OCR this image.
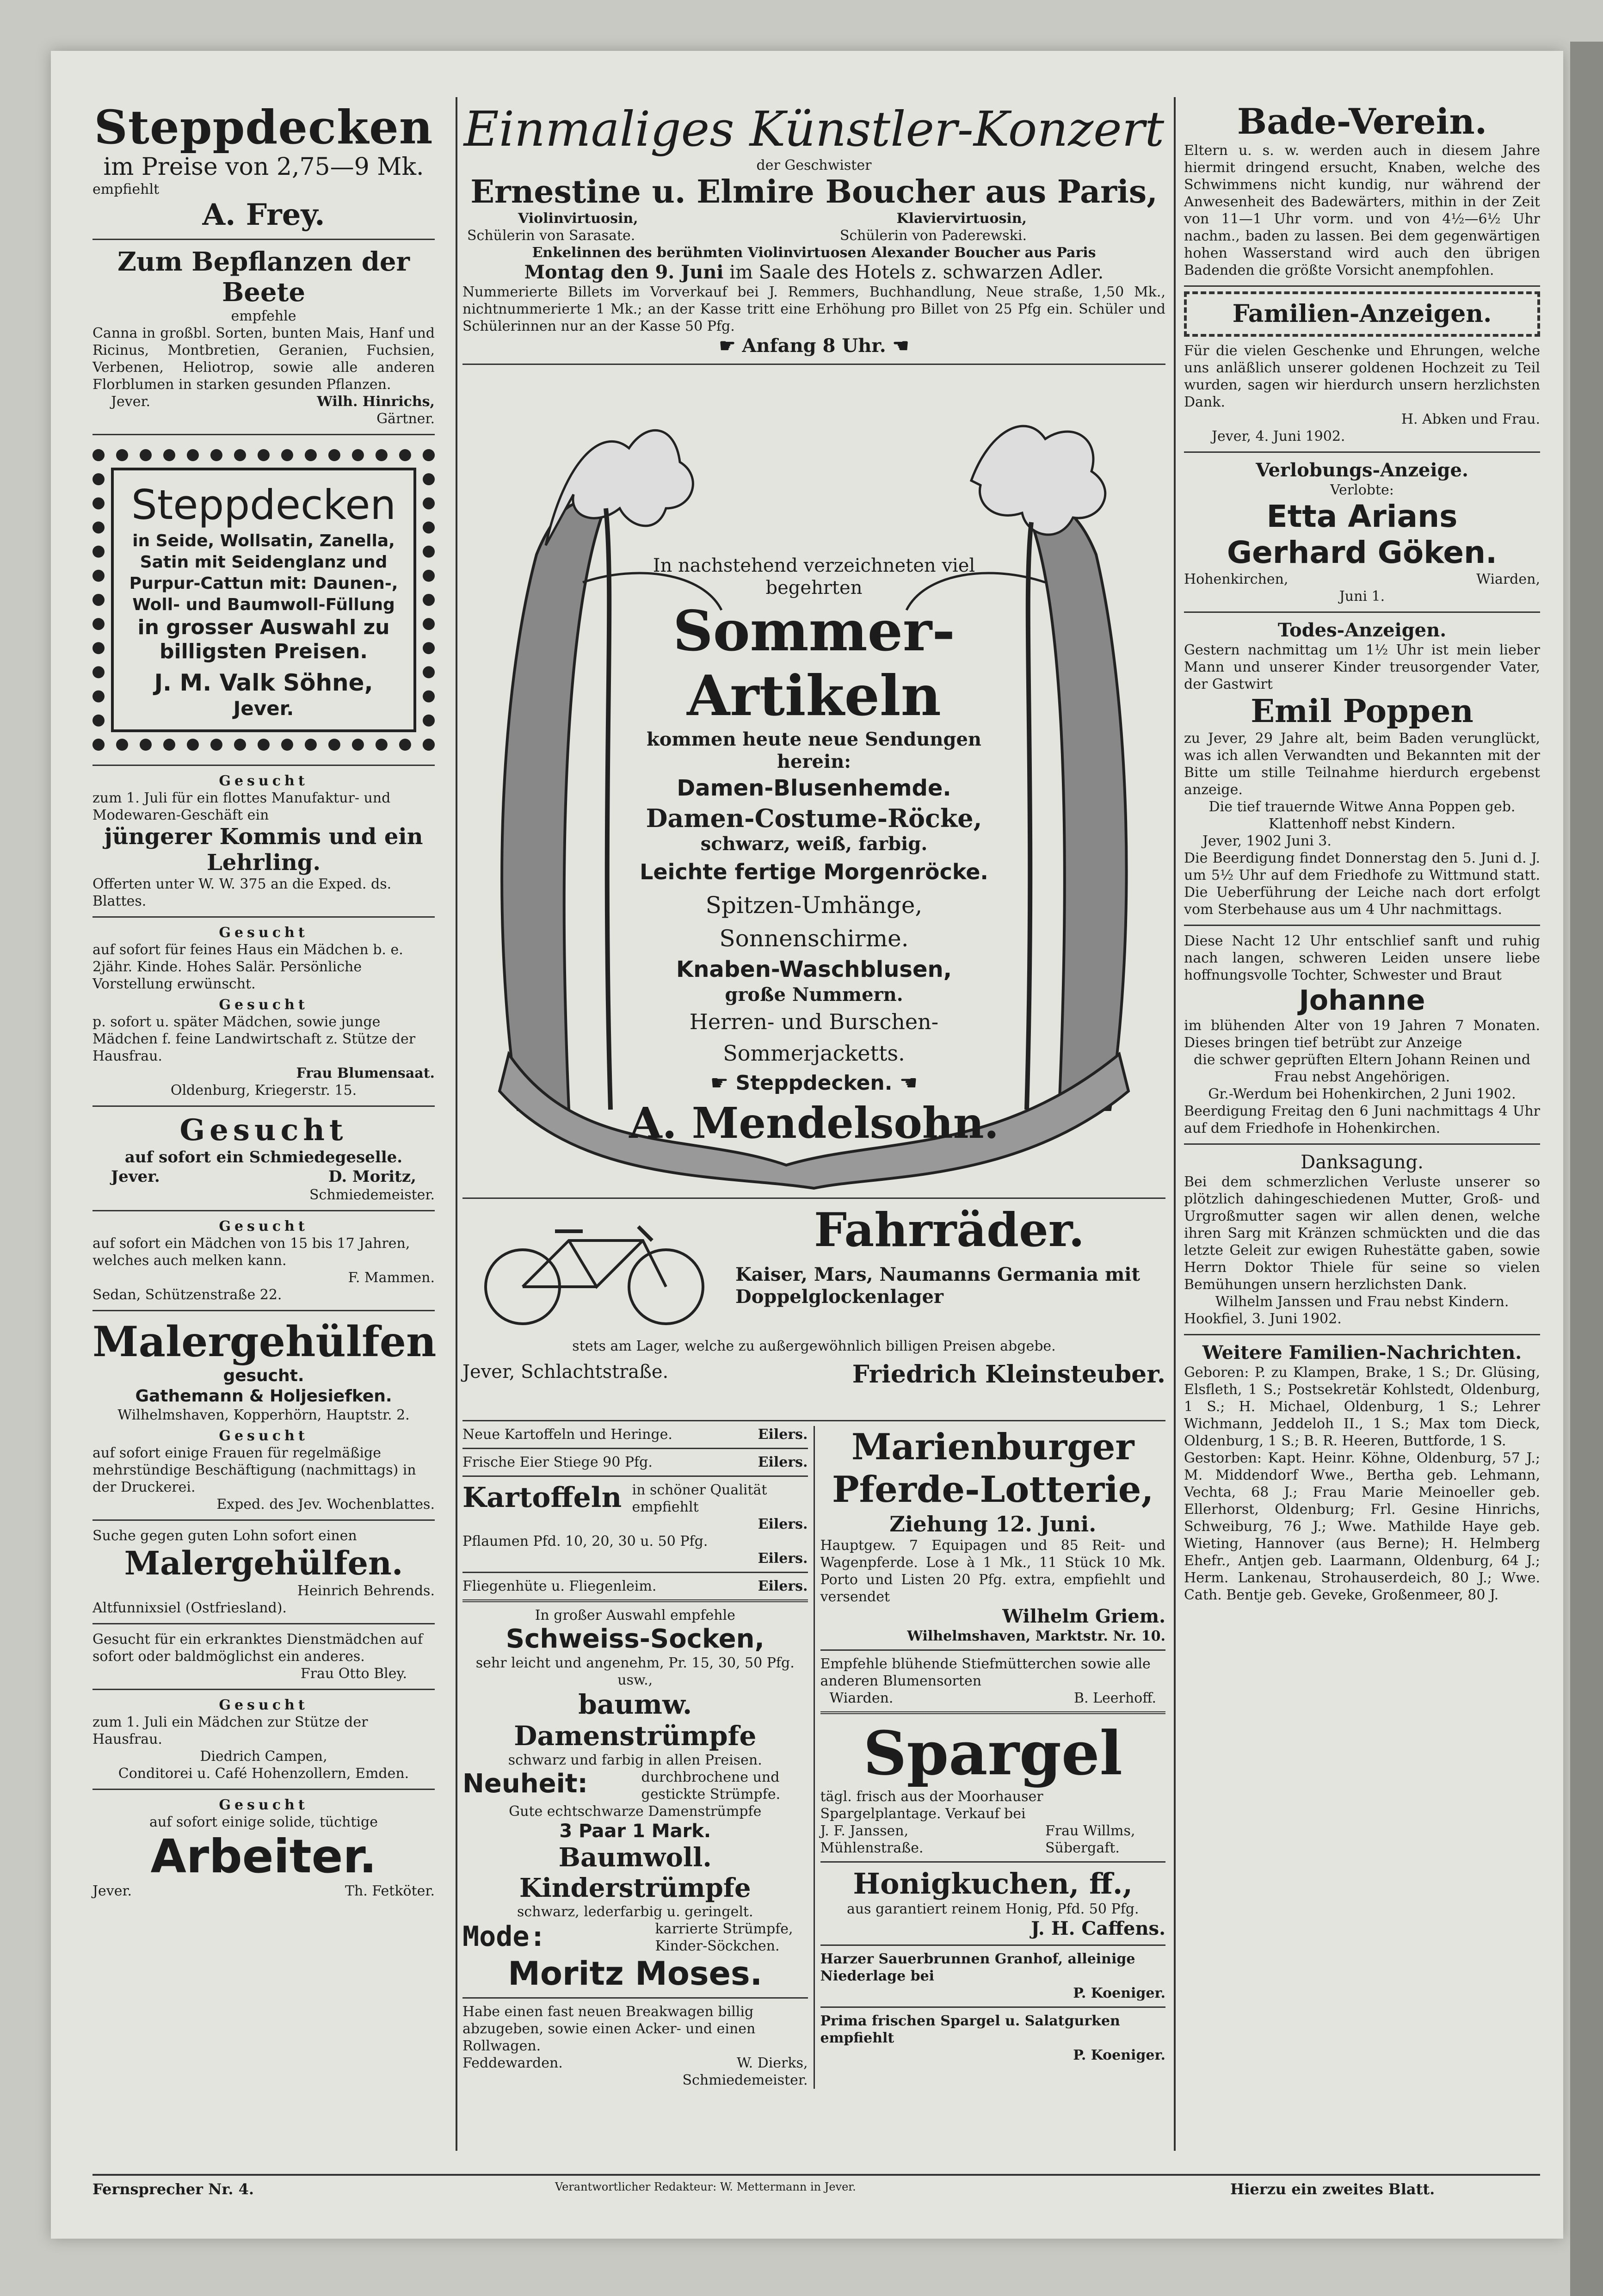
Steppdecken

im Preise von 2,75—9 Mk.

empfiehlt

A. Frey.

Zum Bepflanzen der Beete

empfehle

Canna in großbl. Sorten, bunten Mais, Hanf und Ricinus, Montbretien, Geranien, Fuchsien, Verbenen, Heliotrop, sowie alle anderen Florblumen in starken gesunden Pflanzen.

Jever.	Wilh. Hinrichs,

Gärtner.

Steppdecken

in Seide, Wollsatin, Zanella, Satin mit Seidenglanz und Purpur-Cattun mit: Daunen-, Woll- und Baumwoll-Füllung

in grosser Auswahl zu billigsten Preisen.

J. M. Valk Söhne,

Jever.

Gesucht

zum 1. Juli für ein flottes Manufaktur- und Modewaren-Geschäft ein

jüngerer Kommis und ein Lehrling.

Offerten unter W. W. 375 an die Exped. ds. Blattes.

Gesucht

auf sofort für feines Haus ein Mädchen b. e. 2jähr. Kinde. Hohes Salär. Persönliche Vorstellung erwünscht.

Gesucht

p. sofort u. später Mädchen, sowie junge Mädchen f. feine Landwirtschaft z. Stütze der Hausfrau.

Frau Blumensaat.

Oldenburg, Kriegerstr. 15.

Gesucht

auf sofort ein Schmiedegeselle.

Jever.	D. Moritz,

Schmiedemeister.

Gesucht

auf sofort ein Mädchen von 15 bis 17 Jahren, welches auch melken kann.

F. Mammen.

Sedan, Schützenstraße 22.

Malergehülfen

gesucht.

Gathemann & Holjesiefken.

Wilhelmshaven, Kopperhörn, Hauptstr. 2.

Gesucht

auf sofort einige Frauen für regelmäßige mehrstündige Beschäftigung (nachmittags) in der Druckerei.

Exped. des Jev. Wochenblattes.

Suche gegen guten Lohn sofort einen

Malergehülfen.

Heinrich Behrends.

Altfunnixsiel (Ostfriesland).

Gesucht für ein erkranktes Dienstmädchen auf sofort oder baldmöglichst ein anderes.

Frau Otto Bley.

Gesucht

zum 1. Juli ein Mädchen zur Stütze der Hausfrau.

Diedrich Campen,

Conditorei u. Café Hohenzollern, Emden.

Gesucht

auf sofort einige solide, tüchtige

Arbeiter.

Jever.	Th. Fetköter.

Einmaliges Künstler-Konzert

der Geschwister

Ernestine u. Elmire Boucher aus Paris,

Violinvirtuosin,	Klaviervirtuosin,
Schülerin von Sarasate.	Schülerin von Paderewski.

Enkelinnen des berühmten Violinvirtuosen Alexander Boucher aus Paris

Montag den 9. Juni im Saale des Hotels z. schwarzen Adler.

Nummerierte Billets im Vorverkauf bei J. Remmers, Buchhandlung, Neue straße, 1,50 Mk., nichtnummerierte 1 Mk.; an der Kasse tritt eine Erhöhung pro Billet von 25 Pfg ein. Schüler und Schülerinnen nur an der Kasse 50 Pfg.

☛ Anfang 8 Uhr. ☚

In nachstehend verzeichneten viel begehrten

Sommer-Artikeln

kommen heute neue Sendungen herein:

Damen-Blusenhemde.

Damen-Costume-Röcke,

schwarz, weiß, farbig.

Leichte fertige Morgenröcke.

Spitzen-Umhänge, Sonnenschirme.

Knaben-Waschblusen,

große Nummern.

Herren- und Burschen-Sommerjacketts.

☛ Steppdecken. ☚

A. Mendelsohn.

Fahrräder.

Kaiser, Mars, Naumanns Germania mit Doppelglockenlager

stets am Lager, welche zu außergewöhnlich billigen Preisen abgebe.

Jever, Schlachtstraße.	Friedrich Kleinsteuber.
Neue Kartoffeln und Heringe.	Eilers.
Frische Eier Stiege 90 Pfg.	Eilers.
Kartoffeln in schöner Qualität empfiehlt

Eilers.

Pflaumen Pfd. 10, 20, 30 u. 50 Pfg.

Eilers.

Fliegenhüte u. Fliegenleim.	Eilers.

In großer Auswahl empfehle

Schweiss-Socken,

sehr leicht und angenehm, Pr. 15, 30, 50 Pfg. usw.,

baumw. Damenstrümpfe

schwarz und farbig in allen Preisen.

Neuheit:	durchbrochene und gestickte Strümpfe.

Gute echtschwarze Damenstrümpfe

3 Paar 1 Mark.

Baumwoll. Kinderstrümpfe

schwarz, lederfarbig u. geringelt.

Mode:	karrierte Strümpfe, Kinder-Söckchen.

Moritz Moses.

Habe einen fast neuen Breakwagen billig abzugeben, sowie einen Acker- und einen Rollwagen.

Feddewarden.	W. Dierks,

Schmiedemeister.

Marienburger Pferde-Lotterie,

Ziehung 12. Juni.

Hauptgew. 7 Equipagen und 85 Reit- und Wagenpferde. Lose à 1 Mk., 11 Stück 10 Mk. Porto und Listen 20 Pfg. extra, empfiehlt und versendet

Wilhelm Griem.

Wilhelmshaven, Marktstr. Nr. 10.

Empfehle blühende Stiefmütterchen sowie alle anderen Blumensorten

Wiarden.	B. Leerhoff.

Spargel

tägl. frisch aus der Moorhauser Spargelplantage. Verkauf bei

J. F. Janssen, Mühlenstraße.
Frau Willms, Sübergaft.

Honigkuchen, ff.,

aus garantiert reinem Honig, Pfd. 50 Pfg.

J. H. Caffens.

Harzer Sauerbrunnen Granhof, alleinige Niederlage bei

P. Koeniger.

Prima frischen Spargel u. Salatgurken empfiehlt

P. Koeniger.

Bade-Verein.

Eltern u. s. w. werden auch in diesem Jahre hiermit dringend ersucht, Knaben, welche des Schwimmens nicht kundig, nur während der Anwesenheit des Badewärters, mithin in der Zeit von 11—1 Uhr vorm. und von 4½—6½ Uhr nachm., baden zu lassen. Bei dem gegenwärtigen hohen Wasserstand wird auch den übrigen Badenden die größte Vorsicht anempfohlen.

Familien-Anzeigen.

Für die vielen Geschenke und Ehrungen, welche uns anläßlich unserer goldenen Hochzeit zu Teil wurden, sagen wir hierdurch unsern herzlichsten Dank.

H. Abken und Frau.

Jever, 4. Juni 1902.

Verlobungs-Anzeige.

Verlobte:

Etta Arians

Gerhard Göken.

Hohenkirchen,	Wiarden,

Juni 1.

Todes-Anzeigen.

Gestern nachmittag um 1½ Uhr ist mein lieber Mann und unserer Kinder treusorgender Vater, der Gastwirt

Emil Poppen

zu Jever, 29 Jahre alt, beim Baden verunglückt, was ich allen Verwandten und Bekannten mit der Bitte um stille Teilnahme hierdurch ergebenst anzeige.

Die tief trauernde Witwe Anna Poppen geb. Klattenhoff nebst Kindern.

Jever, 1902 Juni 3.

Die Beerdigung findet Donnerstag den 5. Juni d. J. um 5½ Uhr auf dem Friedhofe zu Wittmund statt. Die Ueberführung der Leiche nach dort erfolgt vom Sterbehause aus um 4 Uhr nachmittags.

Diese Nacht 12 Uhr entschlief sanft und ruhig nach langen, schweren Leiden unsere liebe hoffnungsvolle Tochter, Schwester und Braut

Johanne

im blühenden Alter von 19 Jahren 7 Monaten. Dieses bringen tief betrübt zur Anzeige

die schwer geprüften Eltern Johann Reinen und Frau nebst Angehörigen.

Gr.-Werdum bei Hohenkirchen, 2 Juni 1902.

Beerdigung Freitag den 6 Juni nachmittags 4 Uhr auf dem Friedhofe in Hohenkirchen.

Danksagung.

Bei dem schmerzlichen Verluste unserer so plötzlich dahingeschiedenen Mutter, Groß- und Urgroßmutter sagen wir allen denen, welche ihren Sarg mit Kränzen schmückten und die das letzte Geleit zur ewigen Ruhestätte gaben, sowie Herrn Doktor Thiele für seine so vielen Bemühungen unsern herzlichsten Dank.

Wilhelm Janssen und Frau nebst Kindern.

Hookfiel, 3. Juni 1902.

Weitere Familien-Nachrichten.

Geboren: P. zu Klampen, Brake, 1 S.; Dr. Glüsing, Elsfleth, 1 S.; Postsekretär Kohlstedt, Oldenburg, 1 S.; H. Michael, Oldenburg, 1 S.; Lehrer Wichmann, Jeddeloh II., 1 S.; Max tom Dieck, Oldenburg, 1 S.; B. R. Heeren, Buttforde, 1 S.

Gestorben: Kapt. Heinr. Köhne, Oldenburg, 57 J.; M. Middendorf Wwe., Bertha geb. Lehmann, Vechta, 68 J.; Frau Marie Meinoeller geb. Ellerhorst, Oldenburg; Frl. Gesine Hinrichs, Schweiburg, 76 J.; Wwe. Mathilde Haye geb. Wieting, Hannover (aus Berne); H. Helmberg Ehefr., Antjen geb. Laarmann, Oldenburg, 64 J.; Herm. Lankenau, Strohauserdeich, 80 J.; Wwe. Cath. Bentje geb. Geveke, Großenmeer, 80 J.

Fernsprecher Nr. 4.	Verantwortlicher Redakteur: W. Mettermann in Jever.	Hierzu ein zweites Blatt.
